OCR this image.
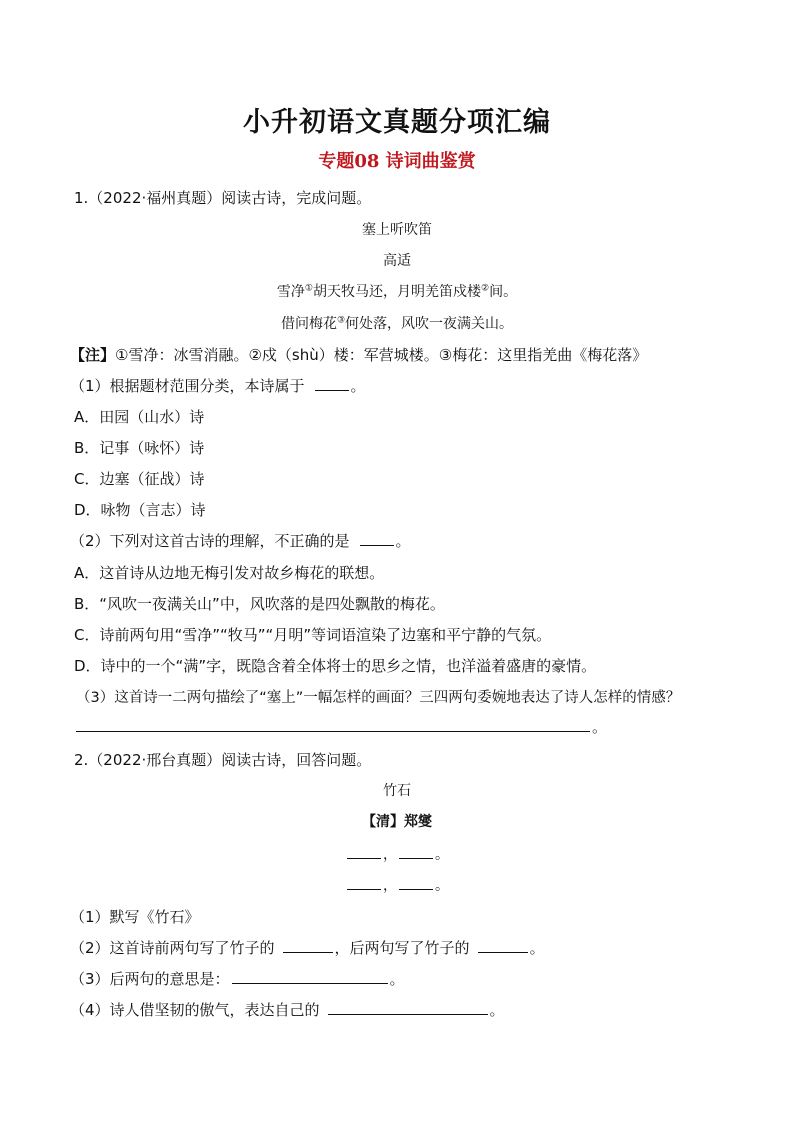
小升初语文真题分项汇编
专题08 诗词曲鉴赏
1.（2022·福州真题）阅读古诗，完成问题。
塞上听吹笛
高适
雪净①胡天牧马还，月明羌笛戍楼②间。
借问梅花③何处落，风吹一夜满关山。
【注】①雪净：冰雪消融。②戍（shù）楼：军营城楼。③梅花：这里指羌曲《梅花落》
（1）根据题材范围分类，本诗属于	。
A．田园（山水）诗
B．记事（咏怀）诗
C．边塞（征战）诗
D．咏物（言志）诗
（2）下列对这首古诗的理解，不正确的是	。
A．这首诗从边地无梅引发对故乡梅花的联想。
B．“风吹一夜满关山”中，风吹落的是四处飘散的梅花。
C．诗前两句用“雪净”“牧马”“月明”等词语渲染了边塞和平宁静的气氛。
D．诗中的一个“满”字，既隐含着全体将士的思乡之情，也洋溢着盛唐的豪情。
（3）这首诗一二两句描绘了“塞上”一幅怎样的画面？三四两句委婉地表达了诗人怎样的情感？
。
2.（2022·邢台真题）阅读古诗，回答问题。
竹石
【清】郑燮
，	。
，	。
（1）默写《竹石》
（2）这首诗前两句写了竹子的	，后两句写了竹子的	。
（3）后两句的意思是：	。
（4）诗人借坚韧的傲气，表达自己的	。
